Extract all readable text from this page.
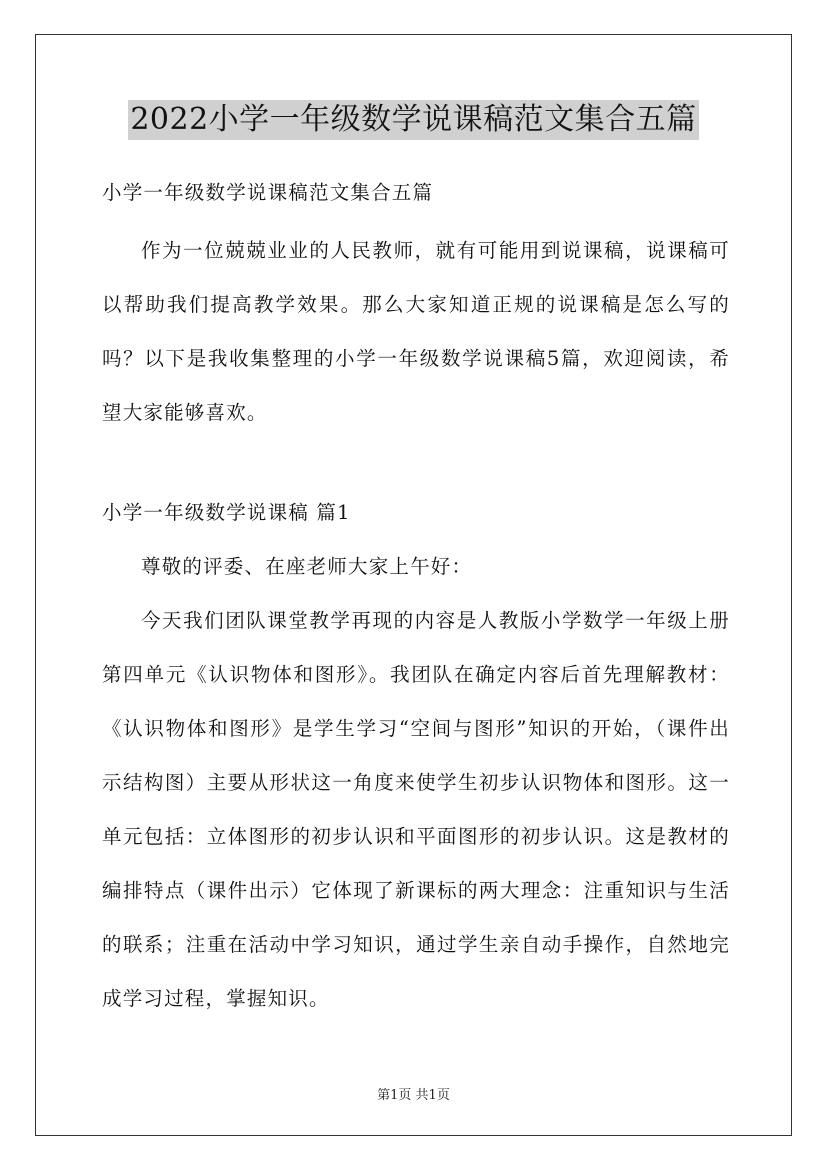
2022小学一年级数学说课稿范文集合五篇

小学一年级数学说课稿范文集合五篇

作为一位兢兢业业的人民教师，就有可能用到说课稿，说课稿可以帮助我们提高教学效果。那么大家知道正规的说课稿是怎么写的吗？以下是我收集整理的小学一年级数学说课稿5篇，欢迎阅读，希望大家能够喜欢。

小学一年级数学说课稿 篇1

尊敬的评委、在座老师大家上午好：

今天我们团队课堂教学再现的内容是人教版小学数学一年级上册第四单元《认识物体和图形》。我团队在确定内容后首先理解教材：《认识物体和图形》是学生学习“空间与图形”知识的开始，（课件出示结构图）主要从形状这一角度来使学生初步认识物体和图形。这一单元包括：立体图形的初步认识和平面图形的初步认识。这是教材的编排特点（课件出示）它体现了新课标的两大理念：注重知识与生活的联系；注重在活动中学习知识，通过学生亲自动手操作，自然地完成学习过程，掌握知识。

第1页 共1页
